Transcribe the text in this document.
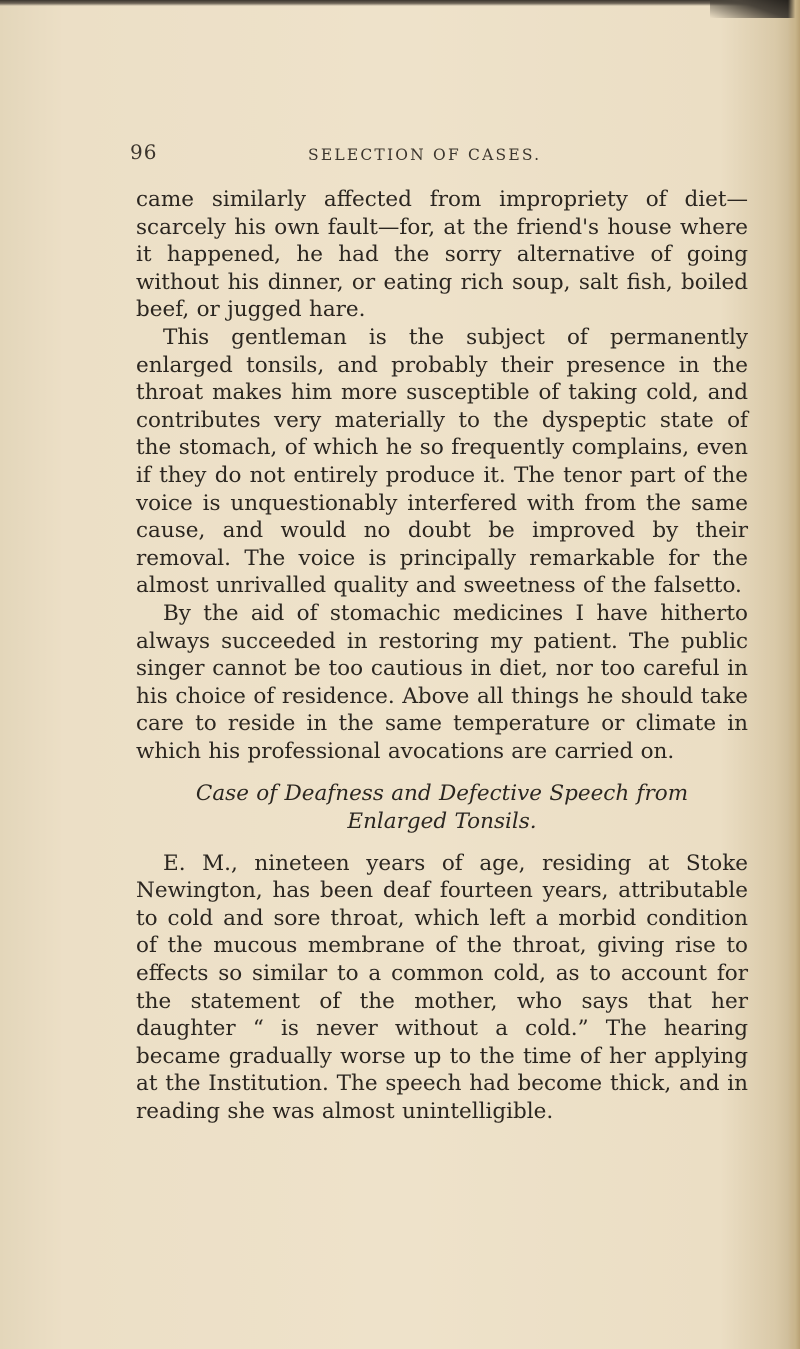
96	SELECTION OF CASES.

came similarly affected from impropriety of diet—scarcely his own fault—for, at the friend's house where it happened, he had the sorry alternative of going without his dinner, or eating rich soup, salt fish, boiled beef, or jugged hare.

This gentleman is the subject of permanently enlarged tonsils, and probably their presence in the throat makes him more susceptible of taking cold, and contributes very materially to the dyspeptic state of the stomach, of which he so frequently complains, even if they do not entirely produce it. The tenor part of the voice is unquestionably interfered with from the same cause, and would no doubt be improved by their removal. The voice is principally remarkable for the almost unrivalled quality and sweetness of the falsetto.

By the aid of stomachic medicines I have hitherto always succeeded in restoring my patient. The public singer cannot be too cautious in diet, nor too careful in his choice of residence. Above all things he should take care to reside in the same temperature or climate in which his professional avocations are carried on.

Case of Deafness and Defective Speech from Enlarged Tonsils.

E. M., nineteen years of age, residing at Stoke Newington, has been deaf fourteen years, attributable to cold and sore throat, which left a morbid condition of the mucous membrane of the throat, giving rise to effects so similar to a common cold, as to account for the statement of the mother, who says that her daughter “ is never without a cold.” The hearing became gradually worse up to the time of her applying at the Institution. The speech had become thick, and in reading she was almost unintelligible.
